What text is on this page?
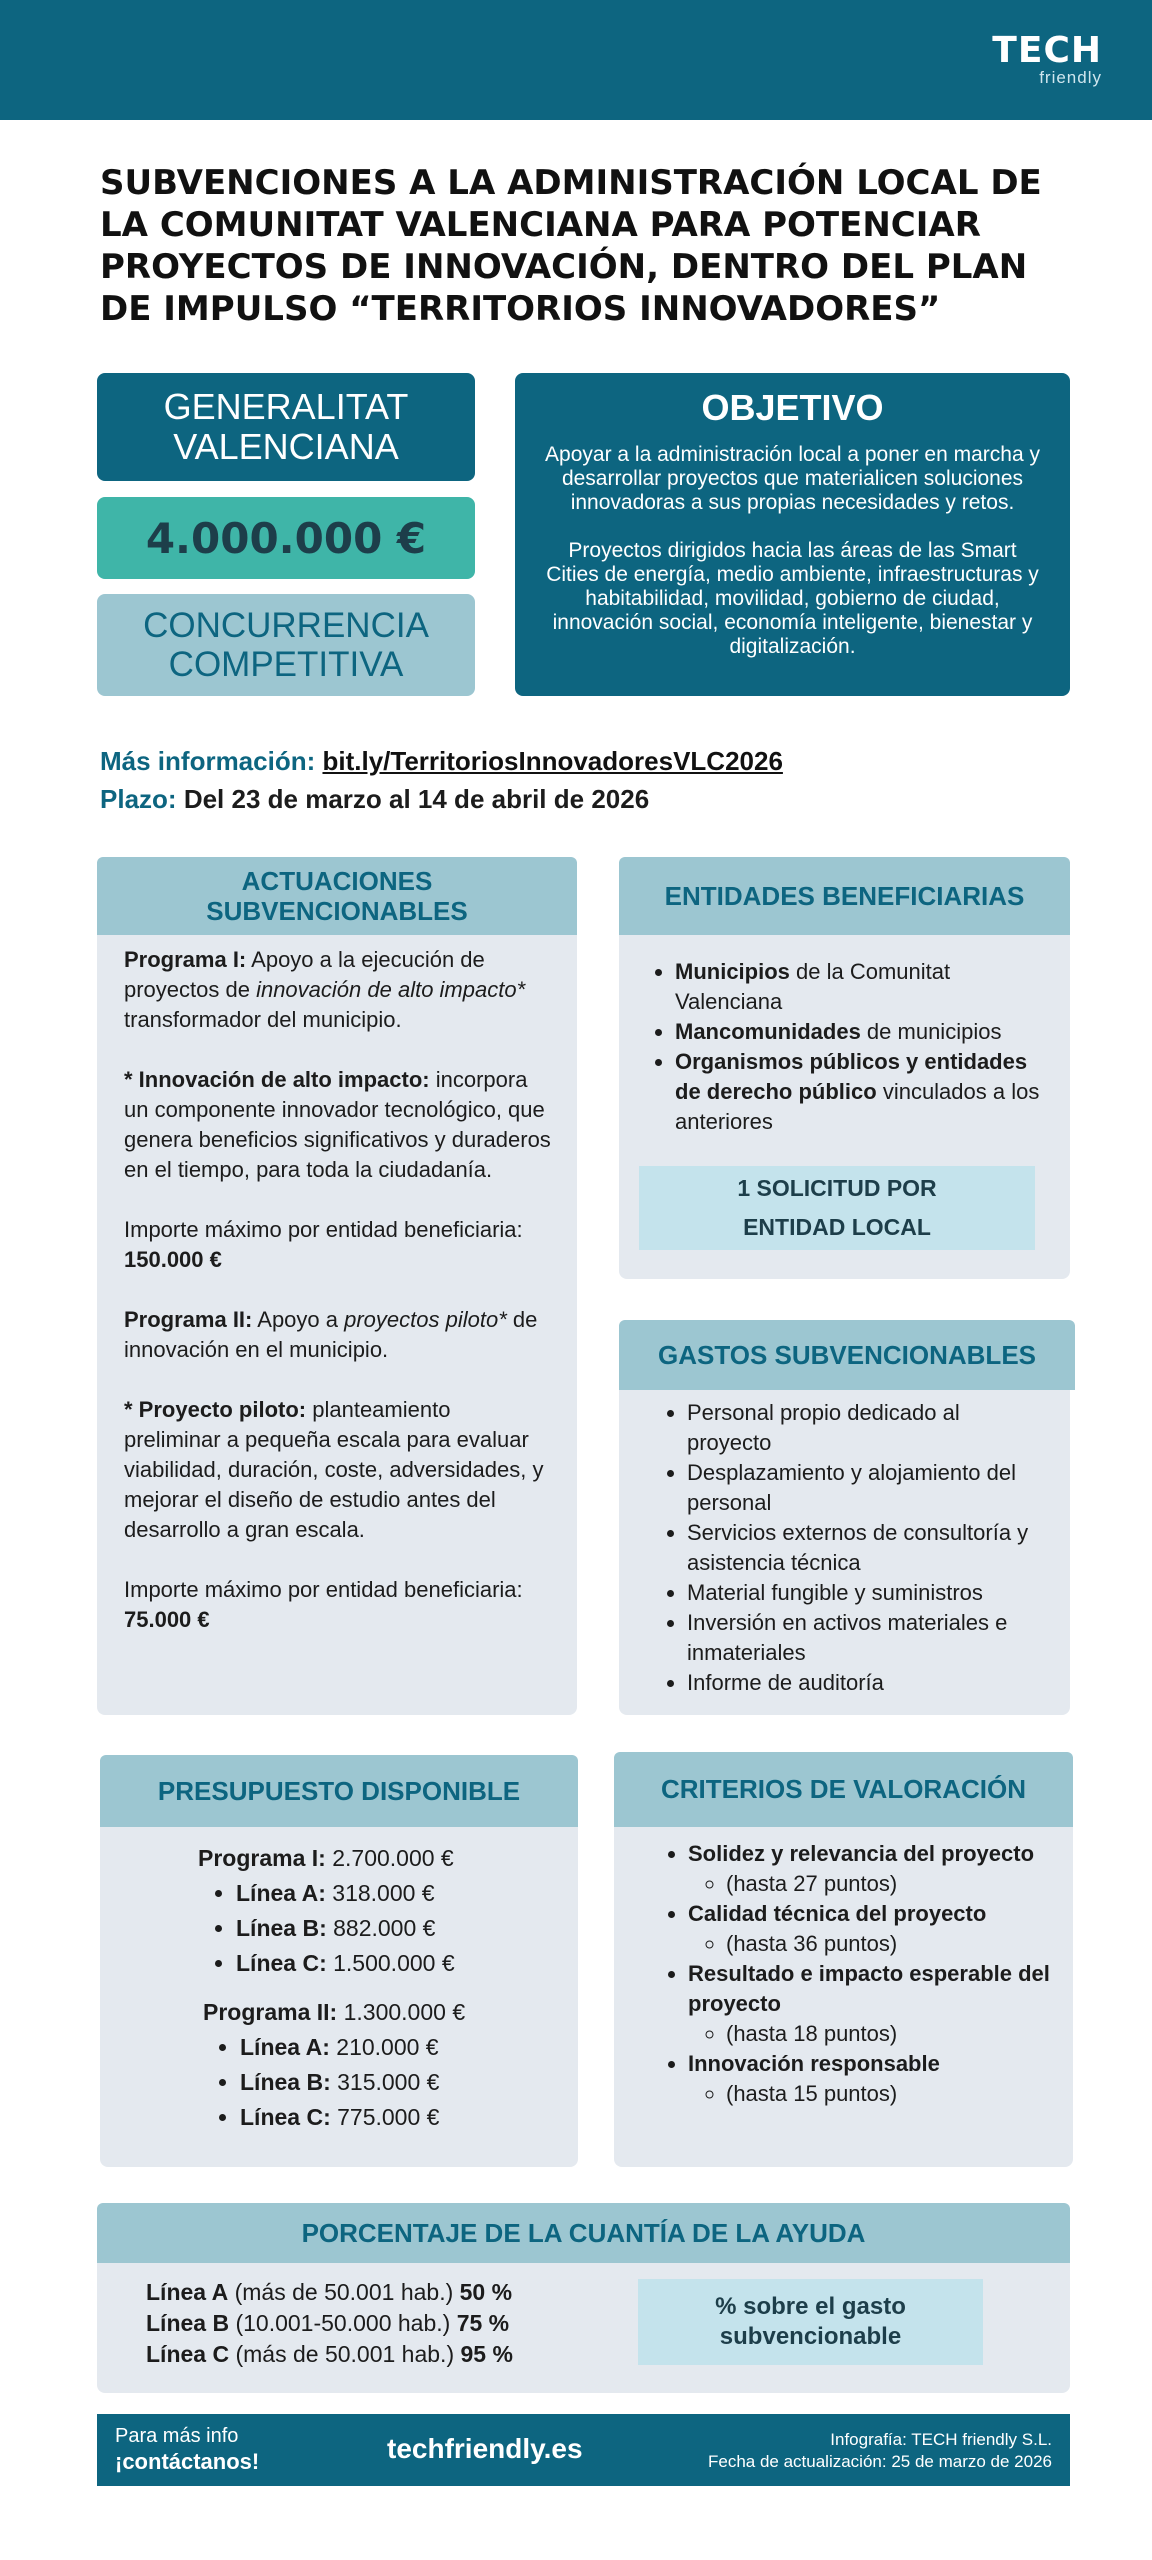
TECH
friendly
SUBVENCIONES A LA ADMINISTRACIÓN LOCAL DE LA COMUNITAT VALENCIANA PARA POTENCIAR PROYECTOS DE INNOVACIÓN, DENTRO DEL PLAN DE IMPULSO “TERRITORIOS INNOVADORES”
GENERALITAT VALENCIANA
4.000.000 €
CONCURRENCIA COMPETITIVA
OBJETIVO
Apoyar a la administración local a poner en marcha y desarrollar proyectos que materialicen soluciones innovadoras a sus propias necesidades y retos.
Proyectos dirigidos hacia las áreas de las Smart Cities de energía, medio ambiente, infraestructuras y habitabilidad, movilidad, gobierno de ciudad, innovación social, economía inteligente, bienestar y digitalización.
Más información: bit.ly/TerritoriosInnovadoresVLC2026
Plazo: Del 23 de marzo al 14 de abril de 2026
ACTUACIONES SUBVENCIONABLES
Programa I: Apoyo a la ejecución de proyectos de innovación de alto impacto* transformador del municipio.
* Innovación de alto impacto: incorpora un componente innovador tecnológico, que genera beneficios significativos y duraderos en el tiempo, para toda la ciudadanía.
Importe máximo por entidad beneficiaria:
150.000 €
Programa II: Apoyo a proyectos piloto* de innovación en el municipio.
* Proyecto piloto: planteamiento preliminar a pequeña escala para evaluar viabilidad, duración, coste, adversidades, y mejorar el diseño de estudio antes del desarrollo a gran escala.
Importe máximo por entidad beneficiaria:
75.000 €
ENTIDADES BENEFICIARIAS
• Municipios de la Comunitat Valenciana
• Mancomunidades de municipios
• Organismos públicos y entidades de derecho público vinculados a los anteriores
1 SOLICITUD POR ENTIDAD LOCAL
GASTOS SUBVENCIONABLES
• Personal propio dedicado al proyecto
• Desplazamiento y alojamiento del personal
• Servicios externos de consultoría y asistencia técnica
• Material fungible y suministros
• Inversión en activos materiales e inmateriales
• Informe de auditoría
PRESUPUESTO DISPONIBLE
Programa I: 2.700.000 €
• Línea A: 318.000 €
• Línea B: 882.000 €
• Línea C: 1.500.000 €
Programa II: 1.300.000 €
• Línea A: 210.000 €
• Línea B: 315.000 €
• Línea C: 775.000 €
CRITERIOS DE VALORACIÓN
• Solidez y relevancia del proyecto
◦ (hasta 27 puntos)
• Calidad técnica del proyecto
◦ (hasta 36 puntos)
• Resultado e impacto esperable del proyecto
◦ (hasta 18 puntos)
• Innovación responsable
◦ (hasta 15 puntos)
PORCENTAJE DE LA CUANTÍA DE LA AYUDA
Línea A (más de 50.001 hab.) 50 %
Línea B (10.001-50.000 hab.) 75 %
Línea C (más de 50.001 hab.) 95 %
% sobre el gasto subvencionable
Para más info
¡contáctanos!	techfriendly.es	Infografía: TECH friendly S.L.
Fecha de actualización: 25 de marzo de 2026
